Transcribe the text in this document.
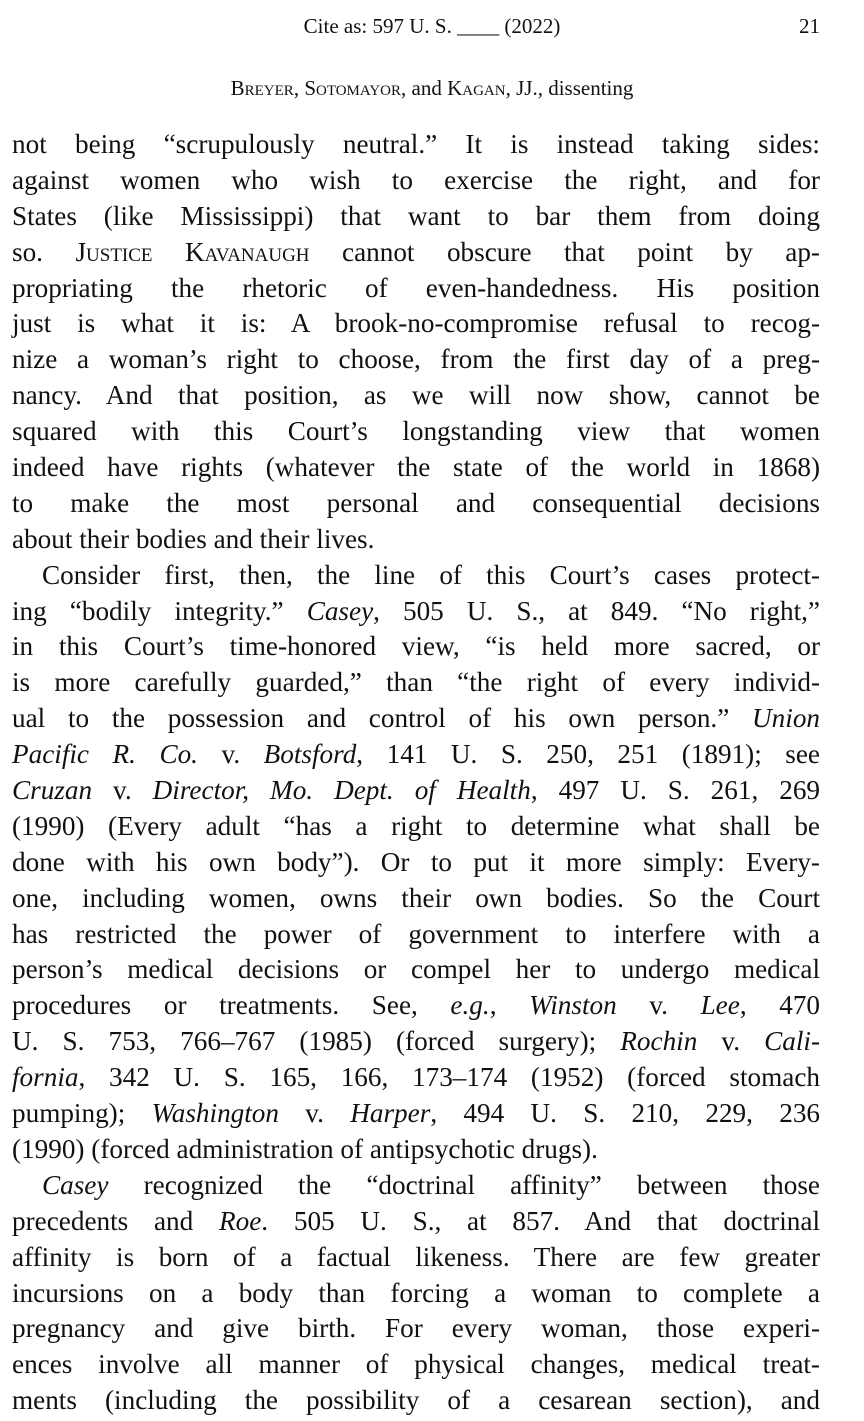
Cite as: 597 U. S. ____ (2022)	21
Breyer, Sotomayor, and Kagan, JJ., dissenting
not being “scrupulously neutral.” It is instead taking sides:
against women who wish to exercise the right, and for
States (like Mississippi) that want to bar them from doing
so. Justice Kavanaugh cannot obscure that point by ap-
propriating the rhetoric of even-handedness. His position
just is what it is: A brook-no-compromise refusal to recog-
nize a woman’s right to choose, from the first day of a preg-
nancy. And that position, as we will now show, cannot be
squared with this Court’s longstanding view that women
indeed have rights (whatever the state of the world in 1868)
to make the most personal and consequential decisions
about their bodies and their lives.
Consider first, then, the line of this Court’s cases protect-
ing “bodily integrity.” Casey, 505 U. S., at 849. “No right,”
in this Court’s time-honored view, “is held more sacred, or
is more carefully guarded,” than “the right of every individ-
ual to the possession and control of his own person.” Union
Pacific R. Co. v. Botsford, 141 U. S. 250, 251 (1891); see
Cruzan v. Director, Mo. Dept. of Health, 497 U. S. 261, 269
(1990) (Every adult “has a right to determine what shall be
done with his own body”). Or to put it more simply: Every-
one, including women, owns their own bodies. So the Court
has restricted the power of government to interfere with a
person’s medical decisions or compel her to undergo medical
procedures or treatments. See, e.g., Winston v. Lee, 470
U. S. 753, 766–767 (1985) (forced surgery); Rochin v. Cali-
fornia, 342 U. S. 165, 166, 173–174 (1952) (forced stomach
pumping); Washington v. Harper, 494 U. S. 210, 229, 236
(1990) (forced administration of antipsychotic drugs).
Casey recognized the “doctrinal affinity” between those
precedents and Roe. 505 U. S., at 857. And that doctrinal
affinity is born of a factual likeness. There are few greater
incursions on a body than forcing a woman to complete a
pregnancy and give birth. For every woman, those experi-
ences involve all manner of physical changes, medical treat-
ments (including the possibility of a cesarean section), and
